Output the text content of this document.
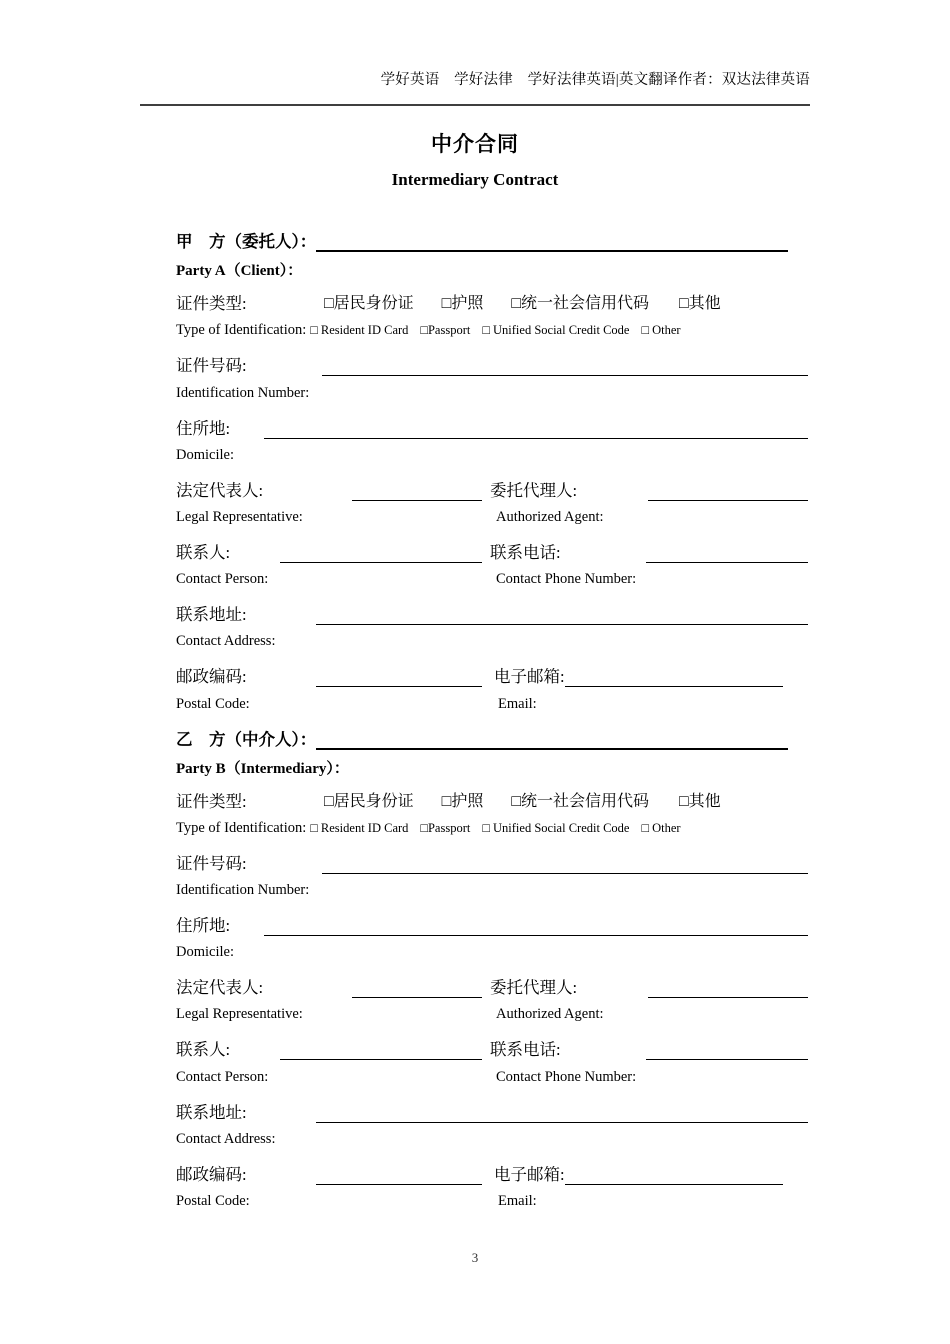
学好英语　学好法律　学好法律英语|英文翻译作者：双达法律英语
中介合同
Intermediary Contract
甲　方（委托人）：
Party A（Client）：
证件类型:	□居民身份证 □护照 □统一社会信用代码 □其他
Type of Identification: □ Resident ID Card □Passport □ Unified Social Credit Code □ Other
证件号码:
Identification Number:
住所地:
Domicile:
法定代表人:	委托代理人:
Legal Representative:	Authorized Agent:
联系人:	联系电话:
Contact Person:	Contact Phone Number:
联系地址:
Contact Address:
邮政编码:	电子邮箱:
Postal Code:	Email:
乙　方（中介人）：
Party B（Intermediary）：
证件类型:	□居民身份证 □护照 □统一社会信用代码 □其他
Type of Identification: □ Resident ID Card □Passport □ Unified Social Credit Code □ Other
证件号码:
Identification Number:
住所地:
Domicile:
法定代表人:	委托代理人:
Legal Representative:	Authorized Agent:
联系人:	联系电话:
Contact Person:	Contact Phone Number:
联系地址:
Contact Address:
邮政编码:	电子邮箱:
Postal Code:	Email:
3
